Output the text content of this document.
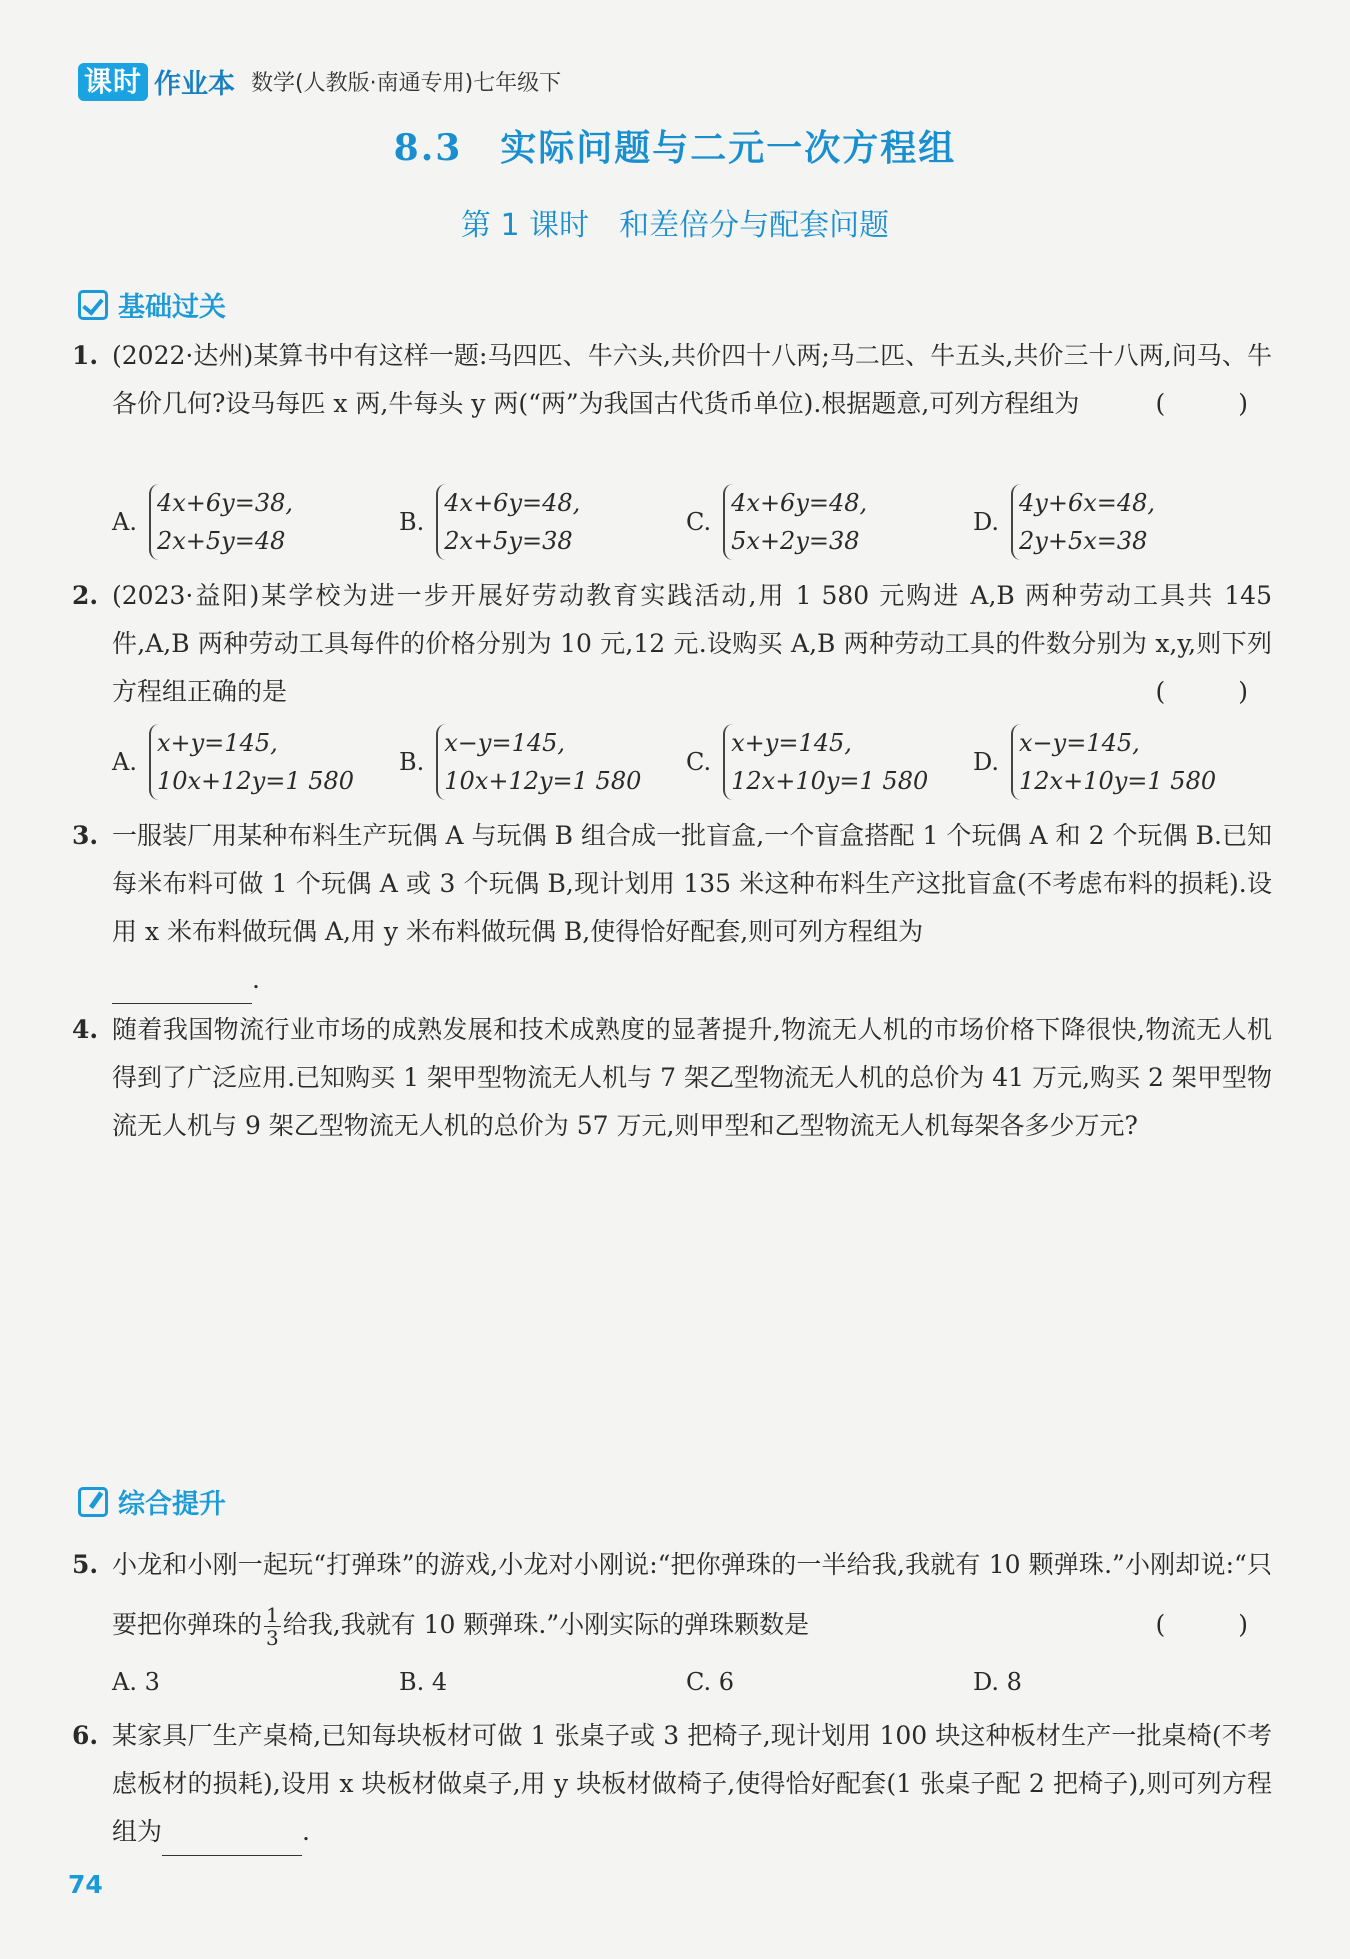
课时 作业本 数学(人教版·南通专用)七年级下
8.3　实际问题与二元一次方程组
第 1 课时　和差倍分与配套问题
基础过关
1. (2022·达州)某算书中有这样一题:马四匹、牛六头,共价四十八两;马二匹、牛五头,共价三十八两,问马、牛各价几何?设马每匹 x 两,牛每头 y 两(“两”为我国古代货币单位).根据题意,可列方程组为	(　)
A.
4x+6y=38,
2x+5y=48
B.
4x+6y=48,
2x+5y=38
C.
4x+6y=48,
5x+2y=38
D.
4y+6x=48,
2y+5x=38
2. (2023·益阳)某学校为进一步开展好劳动教育实践活动,用 1 580 元购进 A,B 两种劳动工具共 145 件,A,B 两种劳动工具每件的价格分别为 10 元,12 元.设购买 A,B 两种劳动工具的件数分别为 x,y,则下列方程组正确的是	(　)
A.
x+y=145,
10x+12y=1 580
B.
x−y=145,
10x+12y=1 580
C.
x+y=145,
12x+10y=1 580
D.
x−y=145,
12x+10y=1 580
3. 一服装厂用某种布料生产玩偶 A 与玩偶 B 组合成一批盲盒,一个盲盒搭配 1 个玩偶 A 和 2 个玩偶 B.已知每米布料可做 1 个玩偶 A 或 3 个玩偶 B,现计划用 135 米这种布料生产这批盲盒(不考虑布料的损耗).设用 x 米布料做玩偶 A,用 y 米布料做玩偶 B,使得恰好配套,则可列方程组为
.
4. 随着我国物流行业市场的成熟发展和技术成熟度的显著提升,物流无人机的市场价格下降很快,物流无人机得到了广泛应用.已知购买 1 架甲型物流无人机与 7 架乙型物流无人机的总价为 41 万元,购买 2 架甲型物流无人机与 9 架乙型物流无人机的总价为 57 万元,则甲型和乙型物流无人机每架各多少万元?
综合提升
5. 小龙和小刚一起玩“打弹珠”的游戏,小龙对小刚说:“把你弹珠的一半给我,我就有 10 颗弹珠.”小刚却说:“只要把你弹珠的 $\frac{1}{3}$ 给我,我就有 10 颗弹珠.”小刚实际的弹珠颗数是	(　)
A. 3	B. 4	C. 6	D. 8
6. 某家具厂生产桌椅,已知每块板材可做 1 张桌子或 3 把椅子,现计划用 100 块这种板材生产一批桌椅(不考虑板材的损耗),设用 x 块板材做桌子,用 y 块板材做椅子,使得恰好配套(1 张桌子配 2 把椅子),则可列方程组为	.
74
